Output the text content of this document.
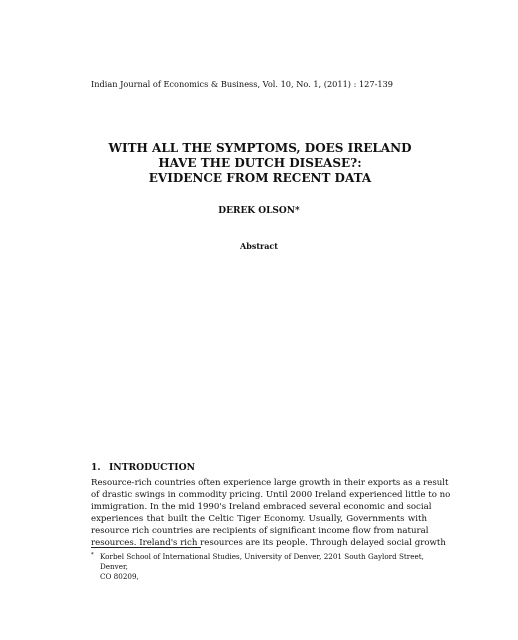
Indian Journal of Economics & Business, Vol. 10, No. 1, (2011) : 127-139
WITH ALL THE SYMPTOMS, DOES IRELAND
HAVE THE DUTCH DISEASE?:
EVIDENCE FROM RECENT DATA
DEREK OLSON*
Abstract
1. INTRODUCTION
Resource-rich countries often experience large growth in their exports as a result
of drastic swings in commodity pricing. Until 2000 Ireland experienced little to no
immigration. In the mid 1990's Ireland embraced several economic and social
experiences that built the Celtic Tiger Economy. Usually, Governments with
resource rich countries are recipients of significant income flow from natural
resources. Ireland's rich resources are its people. Through delayed social growth
* Korbel School of International Studies, University of Denver, 2201 South Gaylord Street, Denver,
CO 80209,
